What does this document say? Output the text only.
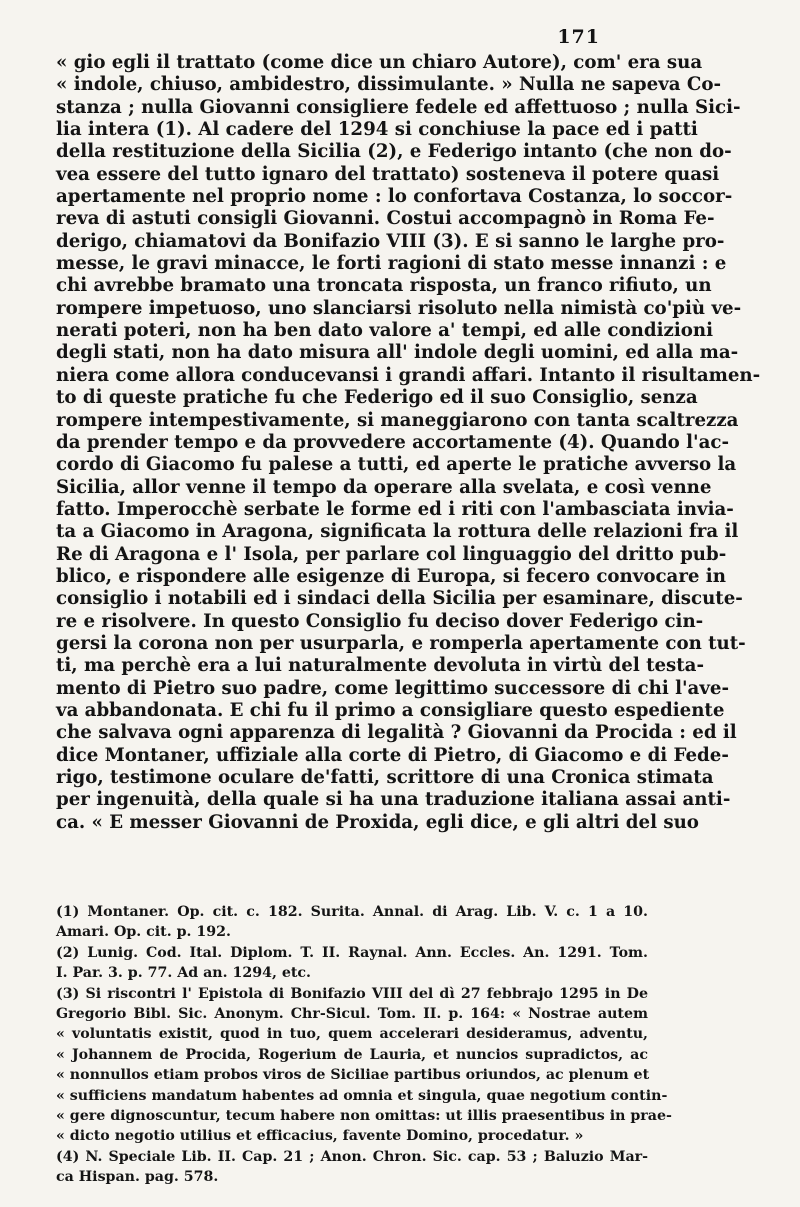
171
« gio egli il trattato (come dice un chiaro Autore), com' era sua
« indole, chiuso, ambidestro, dissimulante. » Nulla ne sapeva Co-
stanza ; nulla Giovanni consigliere fedele ed affettuoso ; nulla Sici-
lia intera (1). Al cadere del 1294 si conchiuse la pace ed i patti
della restituzione della Sicilia (2), e Federigo intanto (che non do-
vea essere del tutto ignaro del trattato) sosteneva il potere quasi
apertamente nel proprio nome : lo confortava Costanza, lo soccor-
reva di astuti consigli Giovanni. Costui accompagnò in Roma Fe-
derigo, chiamatovi da Bonifazio VIII (3). E si sanno le larghe pro-
messe, le gravi minacce, le forti ragioni di stato messe innanzi : e
chi avrebbe bramato una troncata risposta, un franco rifiuto, un
rompere impetuoso, uno slanciarsi risoluto nella nimistà co'più ve-
nerati poteri, non ha ben dato valore a' tempi, ed alle condizioni
degli stati, non ha dato misura all' indole degli uomini, ed alla ma-
niera come allora conducevansi i grandi affari. Intanto il risultamen-
to di queste pratiche fu che Federigo ed il suo Consiglio, senza
rompere intempestivamente, si maneggiarono con tanta scaltrezza
da prender tempo e da provvedere accortamente (4). Quando l'ac-
cordo di Giacomo fu palese a tutti, ed aperte le pratiche avverso la
Sicilia, allor venne il tempo da operare alla svelata, e così venne
fatto. Imperocchè serbate le forme ed i riti con l'ambasciata invia-
ta a Giacomo in Aragona, significata la rottura delle relazioni fra il
Re di Aragona e l' Isola, per parlare col linguaggio del dritto pub-
blico, e rispondere alle esigenze di Europa, si fecero convocare in
consiglio i notabili ed i sindaci della Sicilia per esaminare, discute-
re e risolvere. In questo Consiglio fu deciso dover Federigo cin-
gersi la corona non per usurparla, e romperla apertamente con tut-
ti, ma perchè era a lui naturalmente devoluta in virtù del testa-
mento di Pietro suo padre, come legittimo successore di chi l'ave-
va abbandonata. E chi fu il primo a consigliare questo espediente
che salvava ogni apparenza di legalità ? Giovanni da Procida : ed il
dice Montaner, uffiziale alla corte di Pietro, di Giacomo e di Fede-
rigo, testimone oculare de'fatti, scrittore di una Cronica stimata
per ingenuità, della quale si ha una traduzione italiana assai anti-
ca. « E messer Giovanni de Proxida, egli dice, e gli altri del suo
(1) Montaner. Op. cit. c. 182. Surita. Annal. di Arag. Lib. V. c. 1 a 10.
Amari. Op. cit. p. 192.
(2) Lunig. Cod. Ital. Diplom. T. II. Raynal. Ann. Eccles. An. 1291. Tom.
I. Par. 3. p. 77. Ad an. 1294, etc.
(3) Si riscontri l' Epistola di Bonifazio VIII del dì 27 febbrajo 1295 in De
Gregorio Bibl. Sic. Anonym. Chr-Sicul. Tom. II. p. 164: « Nostrae autem
« voluntatis existit, quod in tuo, quem accelerari desideramus, adventu,
« Johannem de Procida, Rogerium de Lauria, et nuncios supradictos, ac
« nonnullos etiam probos viros de Siciliae partibus oriundos, ac plenum et
« sufficiens mandatum habentes ad omnia et singula, quae negotium contin-
« gere dignoscuntur, tecum habere non omittas: ut illis praesentibus in prae-
« dicto negotio utilius et efficacius, favente Domino, procedatur. »
(4) N. Speciale Lib. II. Cap. 21 ; Anon. Chron. Sic. cap. 53 ; Baluzio Mar-
ca Hispan. pag. 578.
